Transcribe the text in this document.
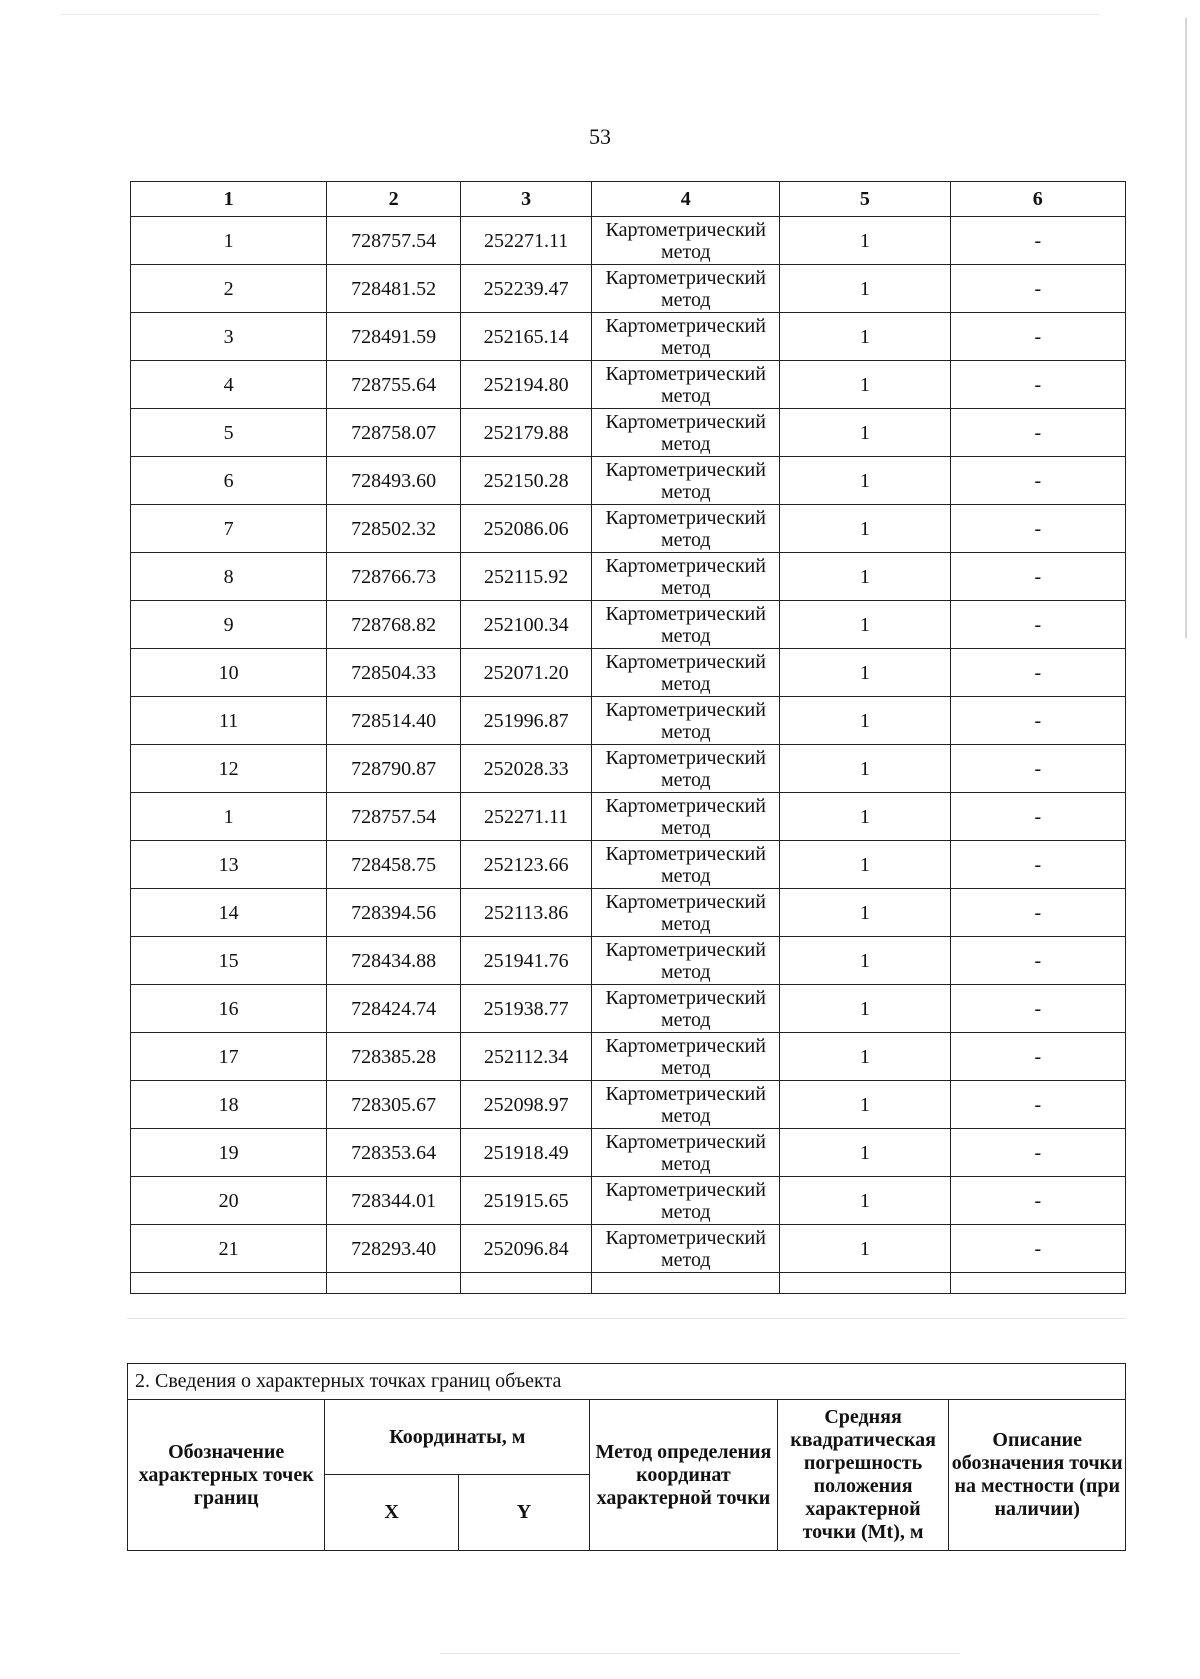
53
1	2	3	4	5	6
1	728757.54	252271.11	Картометрический метод	1	-
2	728481.52	252239.47	Картометрический метод	1	-
3	728491.59	252165.14	Картометрический метод	1	-
4	728755.64	252194.80	Картометрический метод	1	-
5	728758.07	252179.88	Картометрический метод	1	-
6	728493.60	252150.28	Картометрический метод	1	-
7	728502.32	252086.06	Картометрический метод	1	-
8	728766.73	252115.92	Картометрический метод	1	-
9	728768.82	252100.34	Картометрический метод	1	-
10	728504.33	252071.20	Картометрический метод	1	-
11	728514.40	251996.87	Картометрический метод	1	-
12	728790.87	252028.33	Картометрический метод	1	-
1	728757.54	252271.11	Картометрический метод	1	-
13	728458.75	252123.66	Картометрический метод	1	-
14	728394.56	252113.86	Картометрический метод	1	-
15	728434.88	251941.76	Картометрический метод	1	-
16	728424.74	251938.77	Картометрический метод	1	-
17	728385.28	252112.34	Картометрический метод	1	-
18	728305.67	252098.97	Картометрический метод	1	-
19	728353.64	251918.49	Картометрический метод	1	-
20	728344.01	251915.65	Картометрический метод	1	-
21	728293.40	252096.84	Картометрический метод	1	-

2. Сведения о характерных точках границ объекта					
Обозначение характерных точек границ	Координаты, м		Метод определения координат характерной точки	Средняя квадратическая погрешность положения характерной точки (Mt), м	Описание обозначения точки на местности (при наличии)
	X	Y			
